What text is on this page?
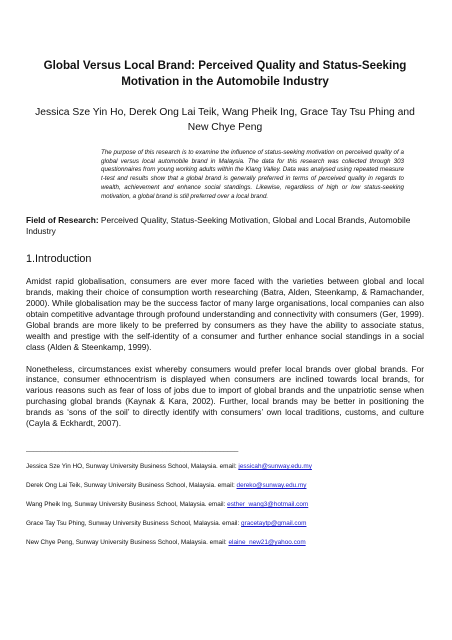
Global Versus Local Brand: Perceived Quality and Status-Seeking Motivation in the Automobile Industry
Jessica Sze Yin Ho, Derek Ong Lai Teik, Wang Pheik Ing, Grace Tay Tsu Phing and New Chye Peng
The purpose of this research is to examine the influence of status-seeking motivation on perceived quality of a global versus local automobile brand in Malaysia. The data for this research was collected through 303 questionnaires from young working adults within the Klang Valley. Data was analysed using repeated measure t-test and results show that a global brand is generally preferred in terms of perceived quality in regards to wealth, achievement and enhance social standings. Likewise, regardless of high or low status-seeking motivation, a global brand is still preferred over a local brand.
Field of Research: Perceived Quality, Status-Seeking Motivation, Global and Local Brands, Automobile Industry
1.Introduction
Amidst rapid globalisation, consumers are ever more faced with the varieties between global and local brands, making their choice of consumption worth researching (Batra, Alden, Steenkamp, & Ramachander, 2000). While globalisation may be the success factor of many large organisations, local companies can also obtain competitive advantage through profound understanding and connectivity with consumers (Ger, 1999). Global brands are more likely to be preferred by consumers as they have the ability to associate status, wealth and prestige with the self-identity of a consumer and further enhance social standings in a social class (Alden & Steenkamp, 1999).
Nonetheless, circumstances exist whereby consumers would prefer local brands over global brands. For instance, consumer ethnocentrism is displayed when consumers are inclined towards local brands, for various reasons such as fear of loss of jobs due to import of global brands and the unpatriotic sense when purchasing global brands (Kaynak & Kara, 2002). Further, local brands may be better in positioning the brands as ‘sons of the soil’ to directly identify with consumers’ own local traditions, customs, and culture (Cayla & Eckhardt, 2007).
___________________________________________________________
Jessica Sze Yin HO, Sunway University Business School, Malaysia. email: jessicah@sunway.edu.my
Derek Ong Lai Teik, Sunway University Business School, Malaysia. email: dereko@sunway.edu.my
Wang Pheik Ing, Sunway University Business School, Malaysia. email: esther_wang3@hotmail.com
Grace Tay Tsu Phing, Sunway University Business School, Malaysia. email: gracetaytp@gmail.com
New Chye Peng, Sunway University Business School, Malaysia. email: elaine_new21@yahoo.com
